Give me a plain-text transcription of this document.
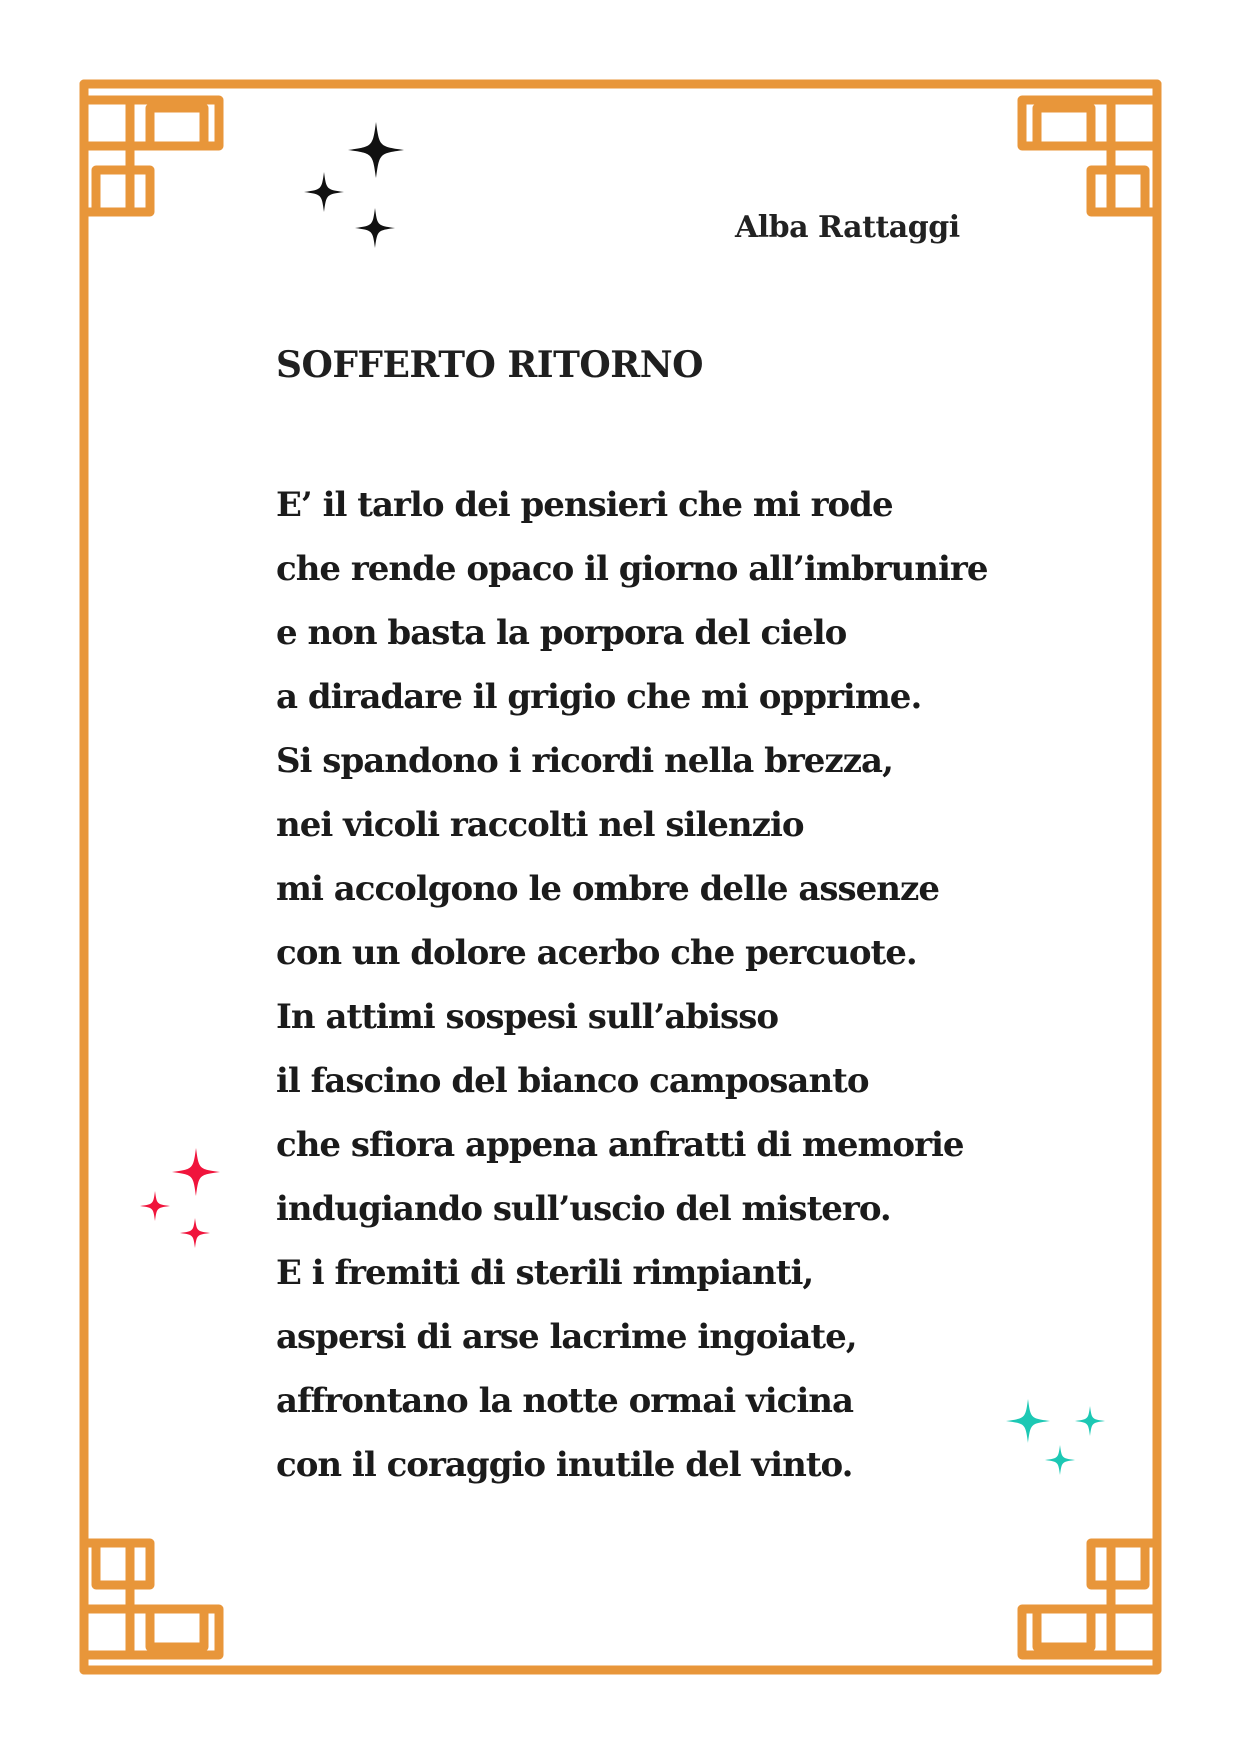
Alba Rattaggi
SOFFERTO RITORNO
E’ il tarlo dei pensieri che mi rode
che rende opaco il giorno all’imbrunire
e non basta la porpora del cielo
a diradare il grigio che mi opprime.
Si spandono i ricordi nella brezza,
nei vicoli raccolti nel silenzio
mi accolgono le ombre delle assenze
con un dolore acerbo che percuote.
In attimi sospesi sull’abisso
il fascino del bianco camposanto
che sfiora appena anfratti di memorie
indugiando sull’uscio del mistero.
E i fremiti di sterili rimpianti,
aspersi di arse lacrime ingoiate,
affrontano la notte ormai vicina
con il coraggio inutile del vinto.
